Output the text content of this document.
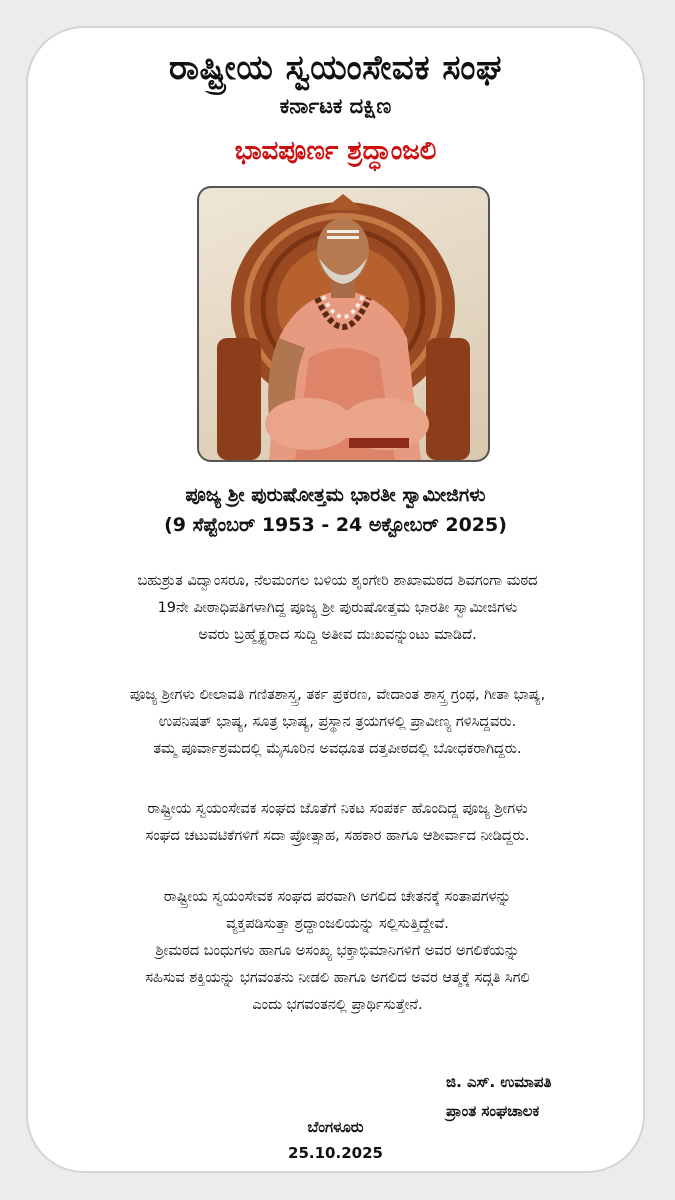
ರಾಷ್ಟ್ರೀಯ ಸ್ವಯಂಸೇವಕ ಸಂಘ
ಕರ್ನಾಟಕ ದಕ್ಷಿಣ
ಭಾವಪೂರ್ಣ ಶ್ರದ್ಧಾಂಜಲಿ
ಪೂಜ್ಯ ಶ್ರೀ ಪುರುಷೋತ್ತಮ ಭಾರತೀ ಸ್ವಾಮೀಜಿಗಳು
(9 ಸೆಪ್ಟೆಂಬರ್ 1953 - 24 ಅಕ್ಟೋಬರ್ 2025)
ಬಹುಶ್ರುತ ವಿದ್ವಾಂಸರೂ, ನೆಲಮಂಗಲ ಬಳಿಯ ಶೃಂಗೇರಿ ಶಾಖಾಮಠದ ಶಿವಗಂಗಾ ಮಠದ
19ನೇ ಪೀಠಾಧಿಪತಿಗಳಾಗಿದ್ದ ಪೂಜ್ಯ ಶ್ರೀ ಪುರುಷೋತ್ತಮ ಭಾರತೀ ಸ್ವಾಮೀಜಿಗಳು
ಅವರು ಬ್ರಹ್ಮೈಕ್ಯರಾದ ಸುದ್ದಿ ಅತೀವ ದುಃಖವನ್ನುಂಟು ಮಾಡಿದೆ.
ಪೂಜ್ಯ ಶ್ರೀಗಳು ಲೀಲಾವತಿ ಗಣಿತಶಾಸ್ತ್ರ, ತರ್ಕ ಪ್ರಕರಣ, ವೇದಾಂತ ಶಾಸ್ತ್ರ ಗ್ರಂಥ, ಗೀತಾ ಭಾಷ್ಯ,
ಉಪನಿಷತ್ ಭಾಷ್ಯ, ಸೂತ್ರ ಭಾಷ್ಯ, ಪ್ರಸ್ಥಾನ ತ್ರಯಗಳಲ್ಲಿ ಪ್ರಾವೀಣ್ಯ ಗಳಿಸಿದ್ದವರು.
ತಮ್ಮ ಪೂರ್ವಾಶ್ರಮದಲ್ಲಿ ಮೈಸೂರಿನ ಅವಧೂತ ದತ್ತಪೀಠದಲ್ಲಿ ಬೋಧಕರಾಗಿದ್ದರು.
ರಾಷ್ಟ್ರೀಯ ಸ್ವಯಂಸೇವಕ ಸಂಘದ ಜೊತೆಗೆ ನಿಕಟ ಸಂಪರ್ಕ ಹೊಂದಿದ್ದ ಪೂಜ್ಯ ಶ್ರೀಗಳು
ಸಂಘದ ಚಟುವಟಿಕೆಗಳಿಗೆ ಸದಾ ಪ್ರೋತ್ಸಾಹ, ಸಹಕಾರ ಹಾಗೂ ಆಶೀರ್ವಾದ ನೀಡಿದ್ದರು.
ರಾಷ್ಟ್ರೀಯ ಸ್ವಯಂಸೇವಕ ಸಂಘದ ಪರವಾಗಿ ಅಗಲಿದ ಚೇತನಕ್ಕೆ ಸಂತಾಪಗಳನ್ನು
ವ್ಯಕ್ತಪಡಿಸುತ್ತಾ ಶ್ರದ್ಧಾಂಜಲಿಯನ್ನು ಸಲ್ಲಿಸುತ್ತಿದ್ದೇವೆ.
ಶ್ರೀಮಠದ ಬಂಧುಗಳು ಹಾಗೂ ಅಸಂಖ್ಯ ಭಕ್ತಾಭಿಮಾನಿಗಳಿಗೆ ಅವರ ಅಗಲಿಕೆಯನ್ನು
ಸಹಿಸುವ ಶಕ್ತಿಯನ್ನು ಭಗವಂತನು ನೀಡಲಿ ಹಾಗೂ ಅಗಲಿದ ಅವರ ಆತ್ಮಕ್ಕೆ ಸದ್ಗತಿ ಸಿಗಲಿ
ಎಂದು ಭಗವಂತನಲ್ಲಿ ಪ್ರಾರ್ಥಿಸುತ್ತೇನೆ.
ಜಿ. ಎಸ್. ಉಮಾಪತಿ
ಪ್ರಾಂತ ಸಂಘಚಾಲಕ
ಬೆಂಗಳೂರು
25.10.2025
